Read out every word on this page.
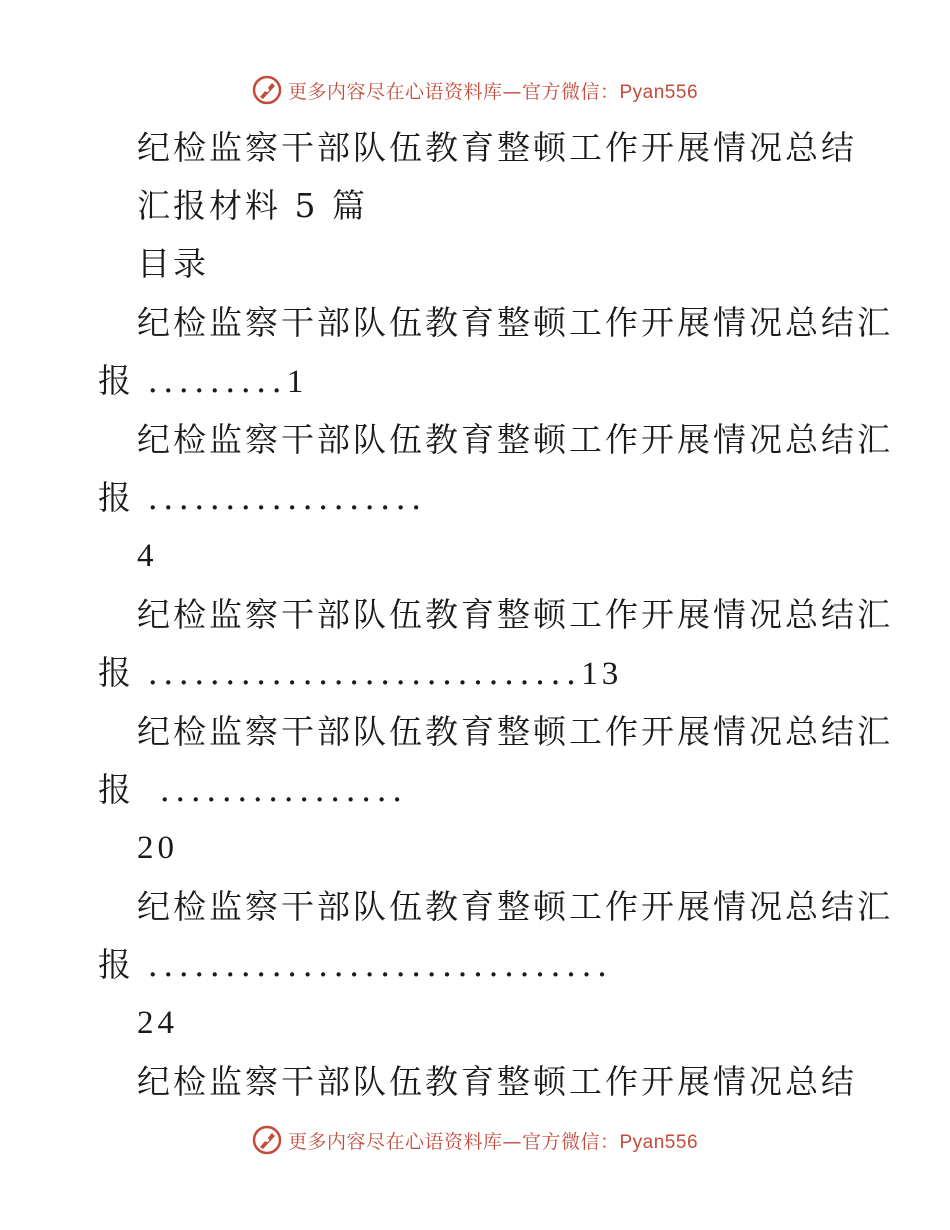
更多内容尽在心语资料库—官方微信：Pyan556
纪检监察干部队伍教育整顿工作开展情况总结
汇报材料 5 篇
目录
纪检监察干部队伍教育整顿工作开展情况总结汇
报 .........1
纪检监察干部队伍教育整顿工作开展情况总结汇
报 ..................
4
纪检监察干部队伍教育整顿工作开展情况总结汇
报 ............................13
纪检监察干部队伍教育整顿工作开展情况总结汇
报 ................
20
纪检监察干部队伍教育整顿工作开展情况总结汇
报 ..............................
24
纪检监察干部队伍教育整顿工作开展情况总结
更多内容尽在心语资料库—官方微信：Pyan556
